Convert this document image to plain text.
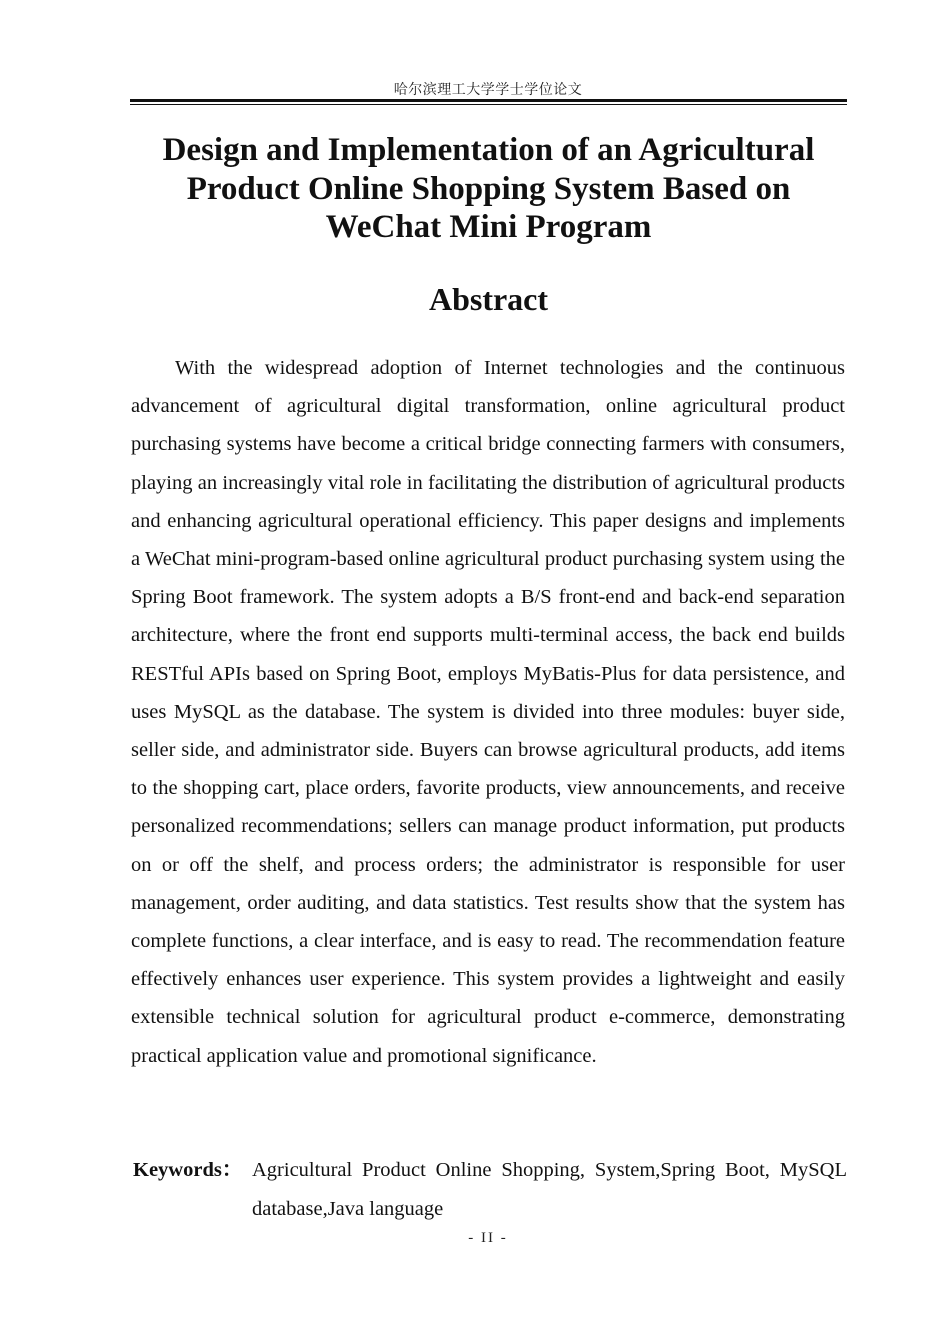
哈尔滨理工大学学士学位论文
Design and Implementation of an Agricultural
Product Online Shopping System Based on
WeChat Mini Program
Abstract

With the widespread adoption of Internet technologies and the continuous advancement of agricultural digital transformation, online agricultural product purchasing systems have become a critical bridge connecting farmers with consumers, playing an increasingly vital role in facilitating the distribution of agricultural products and enhancing agricultural operational efficiency. This paper designs and implements a WeChat mini-program-based online agricultural product purchasing system using the Spring Boot framework. The system adopts a B/S front-end and back-end separation architecture, where the front end supports multi-terminal access, the back end builds RESTful APIs based on Spring Boot, employs MyBatis-Plus for data persistence, and uses MySQL as the database. The system is divided into three modules: buyer side, seller side, and administrator side. Buyers can browse agricultural products, add items to the shopping cart, place orders, favorite products, view announcements, and receive personalized recommendations; sellers can manage product information, put products on or off the shelf, and process orders; the administrator is responsible for user management, order auditing, and data statistics. Test results show that the system has complete functions, a clear interface, and is easy to read. The recommendation feature effectively enhances user experience. This system provides a lightweight and easily extensible technical solution for agricultural product e-commerce, demonstrating practical application value and promotional significance.

Keywords： Agricultural Product Online Shopping, System,Spring Boot, MySQL database,Java language
- II -
